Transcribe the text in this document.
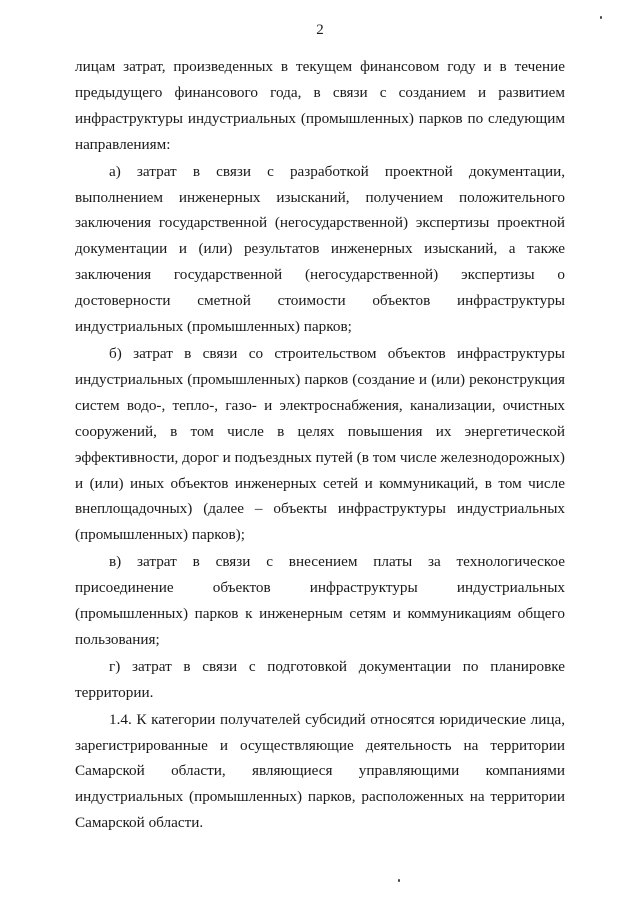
2
лицам затрат, произведенных в текущем финансовом году и в течение
предыдущего финансового года, в связи с созданием и развитием
инфраструктуры индустриальных (промышленных) парков по следующим
направлениям:
а) затрат в связи с разработкой проектной документации,
выполнением инженерных изысканий, получением положительного
заключения государственной (негосударственной) экспертизы проектной
документации и (или) результатов инженерных изысканий, а также
заключения государственной (негосударственной) экспертизы о
достоверности сметной стоимости объектов инфраструктуры
индустриальных (промышленных) парков;
б) затрат в связи со строительством объектов инфраструктуры
индустриальных (промышленных) парков (создание и (или) реконструкция
систем водо-, тепло-, газо- и электроснабжения, канализации, очистных
сооружений, в том числе в целях повышения их энергетической
эффективности, дорог и подъездных путей (в том числе железнодорожных)
и (или) иных объектов инженерных сетей и коммуникаций, в том числе
внеплощадочных) (далее – объекты инфраструктуры индустриальных
(промышленных) парков);
в) затрат в связи с внесением платы за технологическое
присоединение объектов инфраструктуры индустриальных
(промышленных) парков к инженерным сетям и коммуникациям общего
пользования;
г) затрат в связи с подготовкой документации по планировке
территории.
1.4. К категории получателей субсидий относятся юридические лица,
зарегистрированные и осуществляющие деятельность на территории
Самарской области, являющиеся управляющими компаниями
индустриальных (промышленных) парков, расположенных на территории
Самарской области.
